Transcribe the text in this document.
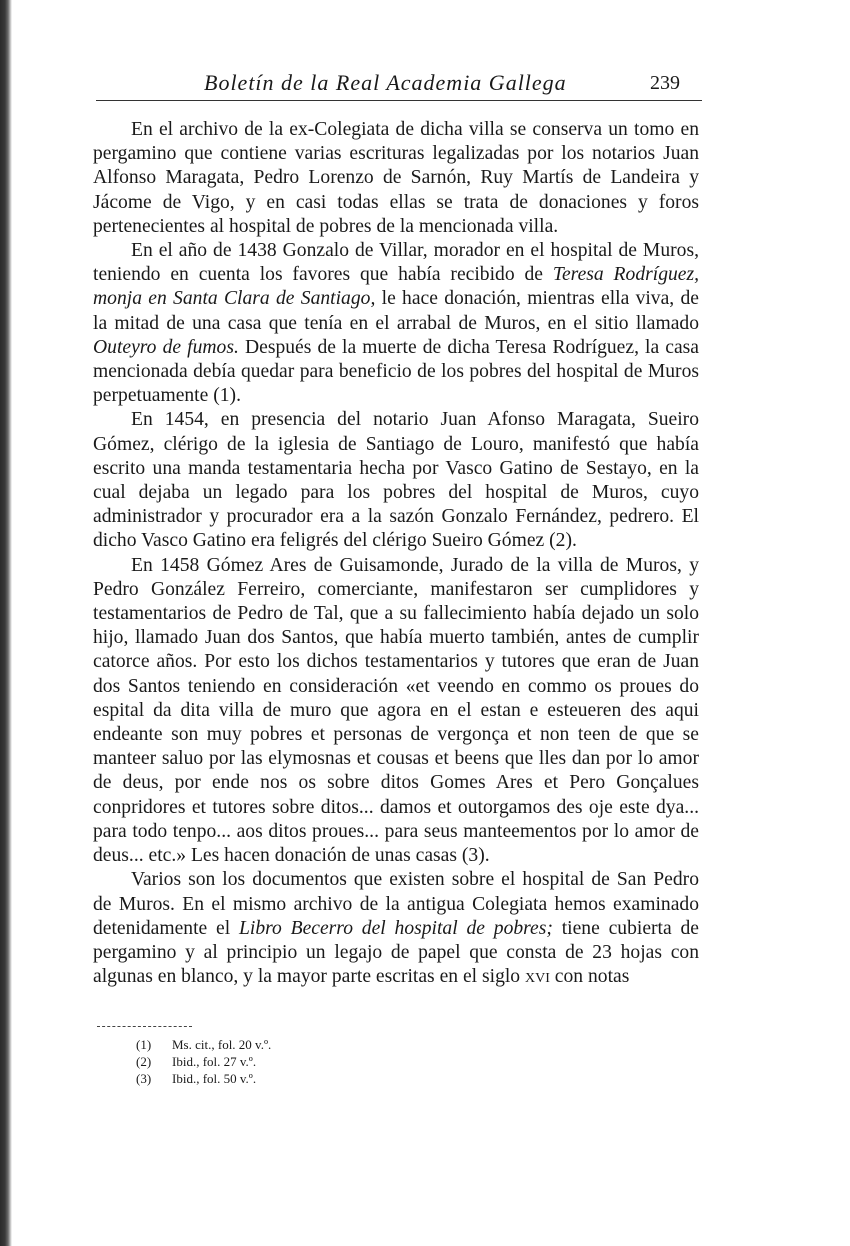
Boletín de la Real Academia Gallega	239

En el archivo de la ex-Colegiata de dicha villa se conserva un tomo en pergamino que contiene varias escrituras legalizadas por los notarios Juan Alfonso Maragata, Pedro Lorenzo de Sarnón, Ruy Martís de Landeira y Jácome de Vigo, y en casi todas ellas se trata de donaciones y foros pertenecientes al hospital de pobres de la mencionada villa.

En el año de 1438 Gonzalo de Villar, morador en el hospital de Muros, teniendo en cuenta los favores que había recibido de Teresa Rodríguez, monja en Santa Clara de Santiago, le hace donación, mientras ella viva, de la mitad de una casa que tenía en el arrabal de Muros, en el sitio llamado Outeyro de fumos. Después de la muerte de dicha Teresa Rodríguez, la casa mencionada debía quedar para beneficio de los pobres del hospital de Muros perpetuamente (1).

En 1454, en presencia del notario Juan Afonso Maragata, Sueiro Gómez, clérigo de la iglesia de Santiago de Louro, manifestó que había escrito una manda testamentaria hecha por Vasco Gatino de Sestayo, en la cual dejaba un legado para los pobres del hospital de Muros, cuyo administrador y procurador era a la sazón Gonzalo Fernández, pedrero. El dicho Vasco Gatino era feligrés del clérigo Sueiro Gómez (2).

En 1458 Gómez Ares de Guisamonde, Jurado de la villa de Muros, y Pedro González Ferreiro, comerciante, manifestaron ser cumplidores y testamentarios de Pedro de Tal, que a su fallecimiento había dejado un solo hijo, llamado Juan dos Santos, que había muerto también, antes de cumplir catorce años. Por esto los dichos testamentarios y tutores que eran de Juan dos Santos teniendo en consideración «et veendo en commo os proues do espital da dita villa de muro que agora en el estan e esteueren des aqui endeante son muy pobres et personas de vergonça et non teen de que se manteer saluo por las elymosnas et cousas et beens que lles dan por lo amor de deus, por ende nos os sobre ditos Gomes Ares et Pero Gonçalues conpridores et tutores sobre ditos... damos et outorgamos des oje este dya... para todo tenpo... aos ditos proues... para seus manteementos por lo amor de deus... etc.» Les hacen donación de unas casas (3).

Varios son los documentos que existen sobre el hospital de San Pedro de Muros. En el mismo archivo de la antigua Colegiata hemos examinado detenidamente el Libro Becerro del hospital de pobres; tiene cubierta de pergamino y al principio un legajo de papel que consta de 23 hojas con algunas en blanco, y la mayor parte escritas en el siglo xvi con notas

(1) Ms. cit., fol. 20 v.º.
(2) Ibid., fol. 27 v.º.
(3) Ibid., fol. 50 v.º.
